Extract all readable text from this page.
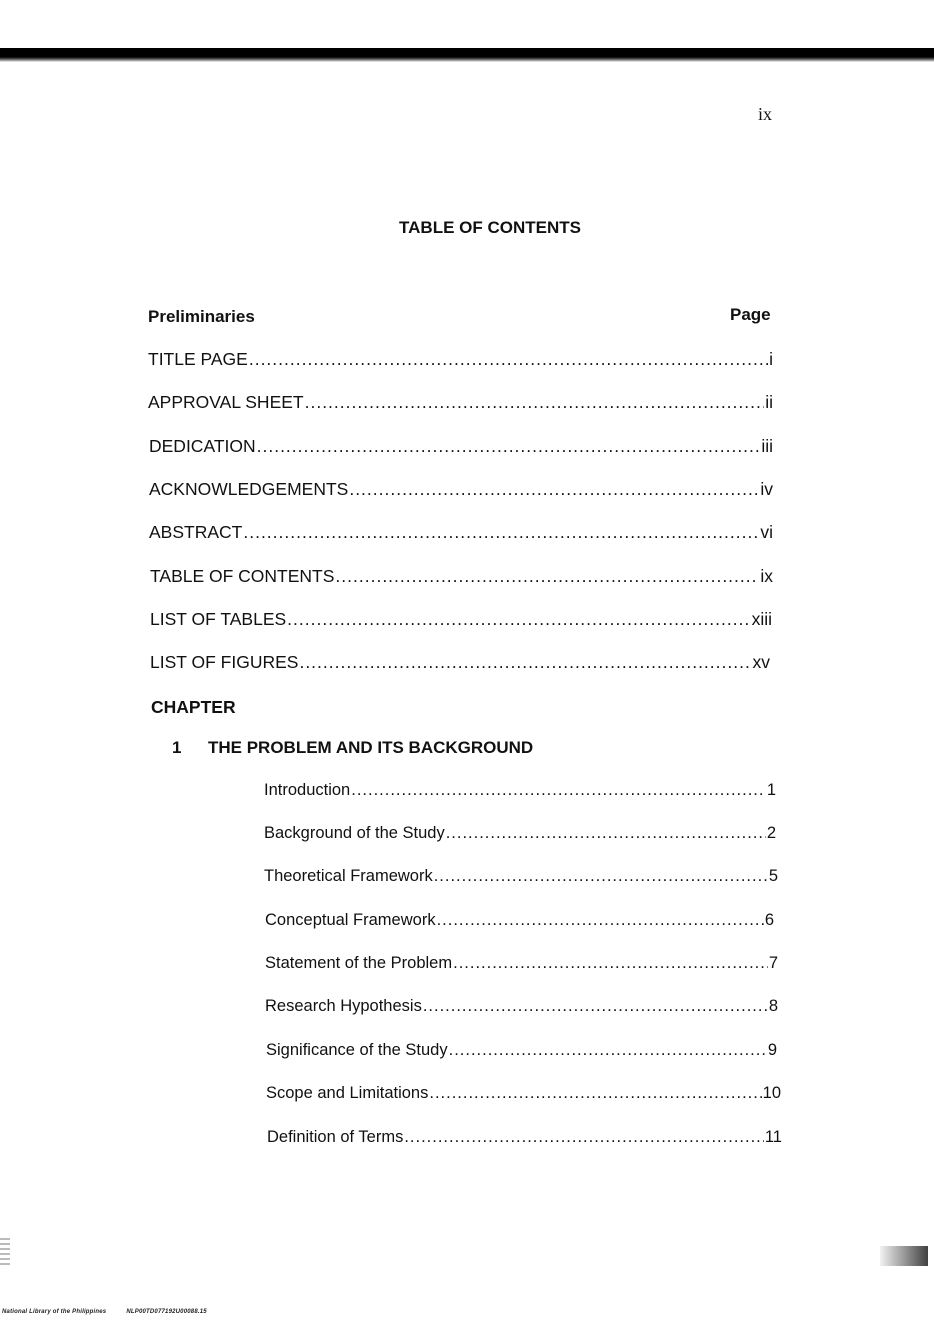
ix
TABLE OF CONTENTS
Preliminaries	Page
TITLE PAGE .....	i
APPROVAL SHEET .....	ii
DEDICATION .....	iii
ACKNOWLEDGEMENTS .....	iv
ABSTRACT .....	vi
TABLE OF CONTENTS .....	ix
LIST OF TABLES .....	xiii
LIST OF FIGURES .....	xv
CHAPTER
1 THE PROBLEM AND ITS BACKGROUND
Introduction .....	1
Background of the Study .....	2
Theoretical Framework .....	5
Conceptual Framework .....	6
Statement of the Problem .....	7
Research Hypothesis .....	8
Significance of the Study .....	9
Scope and Limitations .....	10
Definition of Terms .....	11
National Library of the Philippines	NLP00TD077192U00088.15
